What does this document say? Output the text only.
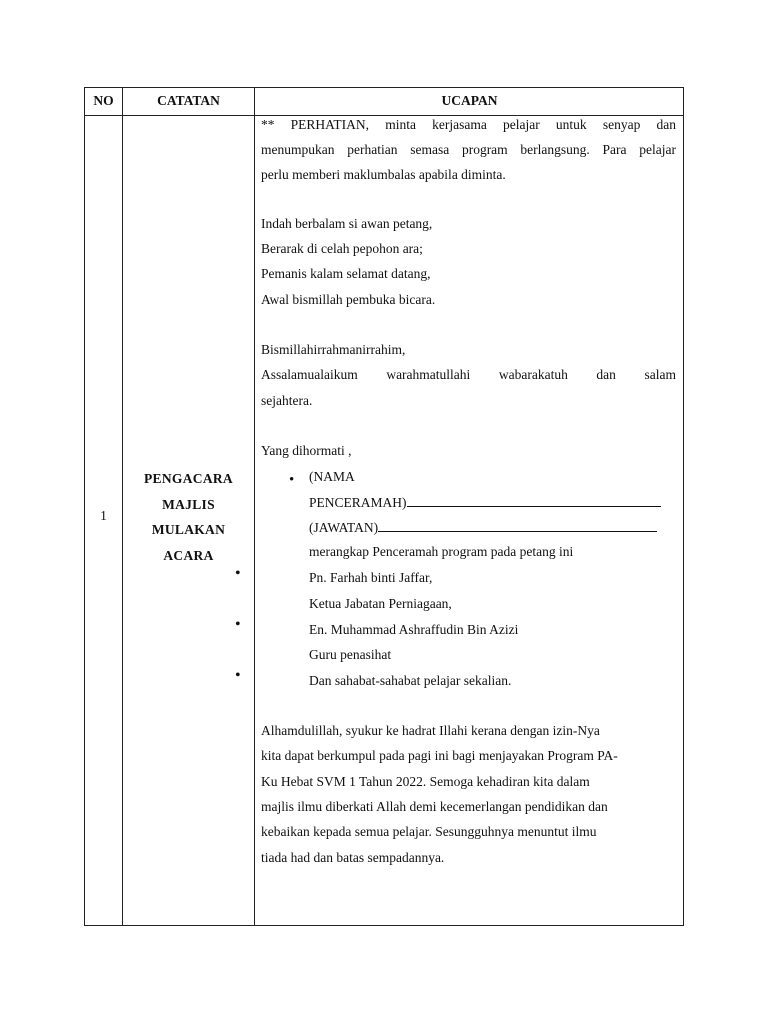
NO	CATATAN	UCAPAN
1
PENGACARA
MAJLIS
MULAKAN
ACARA
•
•
•
** PERHATIAN, minta kerjasama pelajar untuk senyap dan
menumpukan perhatian semasa program berlangsung. Para pelajar
perlu memberi maklumbalas apabila diminta.
Indah berbalam si awan petang,
Berarak di celah pepohon ara;
Pemanis kalam selamat datang,
Awal bismillah pembuka bicara.
Bismillahirrahmanirrahim,
Assalamualaikum warahmatullahi wabarakatuh dan salam
sejahtera.
Yang dihormati ,
• (NAMA
PENCERAMAH)
(JAWATAN)
merangkap Penceramah program pada petang ini
Pn. Farhah binti Jaffar,
Ketua Jabatan Perniagaan,
En. Muhammad Ashraffudin Bin Azizi
Guru penasihat
Dan sahabat-sahabat pelajar sekalian.
Alhamdulillah, syukur ke hadrat Illahi kerana dengan izin-Nya
kita dapat berkumpul pada pagi ini bagi menjayakan Program PA-
Ku Hebat SVM 1 Tahun 2022. Semoga kehadiran kita dalam
majlis ilmu diberkati Allah demi kecemerlangan pendidikan dan
kebaikan kepada semua pelajar. Sesungguhnya menuntut ilmu
tiada had dan batas sempadannya.
